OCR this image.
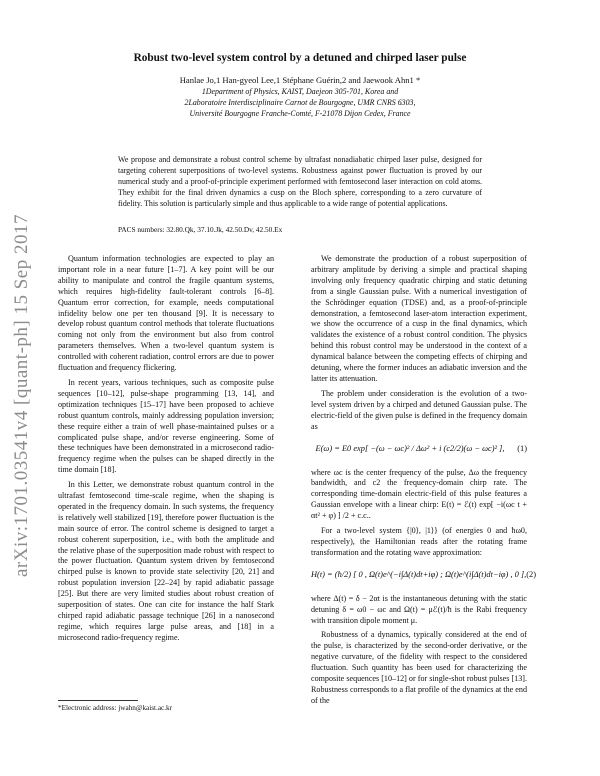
arXiv:1701.03541v4 [quant-ph] 15 Sep 2017
Robust two-level system control by a detuned and chirped laser pulse
Hanlae Jo,1 Han-gyeol Lee,1 Stéphane Guérin,2 and Jaewook Ahn1 *
1Department of Physics, KAIST, Daejeon 305-701, Korea and
2Laboratoire Interdisciplinaire Carnot de Bourgogne, UMR CNRS 6303,
Université Bourgogne Franche-Comté, F-21078 Dijon Cedex, France
We propose and demonstrate a robust control scheme by ultrafast nonadiabatic chirped laser pulse, designed for targeting coherent superpositions of two-level systems. Robustness against power fluctuation is proved by our numerical study and a proof-of-principle experiment performed with femtosecond laser interaction on cold atoms. They exhibit for the final driven dynamics a cusp on the Bloch sphere, corresponding to a zero curvature of fidelity. This solution is particularly simple and thus applicable to a wide range of potential applications.
PACS numbers: 32.80.Qk, 37.10.Jk, 42.50.Dv, 42.50.Ex

Quantum information technologies are expected to play an important role in a near future [1–7]. A key point will be our ability to manipulate and control the fragile quantum systems, which requires high-fidelity fault-tolerant controls [6–8]. Quantum error correction, for example, needs computational infidelity below one per ten thousand [9]. It is necessary to develop robust quantum control methods that tolerate fluctuations coming not only from the environment but also from control parameters themselves. When a two-level quantum system is controlled with coherent radiation, control errors are due to power fluctuation and frequency flickering.

In recent years, various techniques, such as composite pulse sequences [10–12], pulse-shape programming [13, 14], and optimization techniques [15–17] have been proposed to achieve robust quantum controls, mainly addressing population inversion; these require either a train of well phase-maintained pulses or a complicated pulse shape, and/or reverse engineering. Some of these techniques have been demonstrated in a microsecond radio-frequency regime when the pulses can be shaped directly in the time domain [18].

In this Letter, we demonstrate robust quantum control in the ultrafast femtosecond time-scale regime, when the shaping is operated in the frequency domain. In such systems, the frequency is relatively well stabilized [19], therefore power fluctuation is the main source of error. The control scheme is designed to target a robust coherent superposition, i.e., with both the amplitude and the relative phase of the superposition made robust with respect to the power fluctuation. Quantum system driven by femtosecond chirped pulse is known to provide state selectivity [20, 21] and robust population inversion [22–24] by rapid adiabatic passage [25]. But there are very limited studies about robust creation of superposition of states. One can cite for instance the half Stark chirped rapid adiabatic passage technique [26] in a nanosecond regime, which requires large pulse areas, and [18] in a microsecond radio-frequency regime.

We demonstrate the production of a robust superposition of arbitrary amplitude by deriving a simple and practical shaping involving only frequency quadratic chirping and static detuning from a single Gaussian pulse. With a numerical investigation of the Schrödinger equation (TDSE) and, as a proof-of-principle demonstration, a femtosecond laser-atom interaction experiment, we show the occurrence of a cusp in the final dynamics, which validates the existence of a robust control condition. The physics behind this robust control may be understood in the context of a dynamical balance between the competing effects of chirping and detuning, where the former induces an adiabatic inversion and the latter its attenuation.

The problem under consideration is the evolution of a two-level system driven by a chirped and detuned Gaussian pulse. The electric-field of the given pulse is defined in the frequency domain as

E(ω) = E0 exp[ −(ω − ωc)² / Δω² + i (c2/2)(ω − ωc)² ],	(1)

where ωc is the center frequency of the pulse, Δω the frequency bandwidth, and c2 the frequency-domain chirp rate. The corresponding time-domain electric-field of this pulse features a Gaussian envelope with a linear chirp: E(t) = ℰ(t) exp[ −i(ωc t + αt² + φ) ] /2 + c.c..

For a two-level system {|0⟩, |1⟩} (of energies 0 and ħω0, respectively), the Hamiltonian reads after the rotating frame transformation and the rotating wave approximation:

H(t) = (ħ/2) [ 0 , Ω(t)e^(−i∫Δ(t)dt+iφ) ; Ω(t)e^(i∫Δ(t)dt−iφ) , 0 ], (2)

where Δ(t) = δ − 2αt is the instantaneous detuning with the static detuning δ = ω0 − ωc and Ω(t) = μℰ(t)/ħ is the Rabi frequency with transition dipole moment μ.

Robustness of a dynamics, typically considered at the end of the pulse, is characterized by the second-order derivative, or the negative curvature, of the fidelity with respect to the considered fluctuation. Such quantity has been used for characterizing the composite sequences [10–12] or for single-shot robust pulses [13]. Robustness corresponds to a flat profile of the dynamics at the end of the

*Electronic address: jwahn@kaist.ac.kr
